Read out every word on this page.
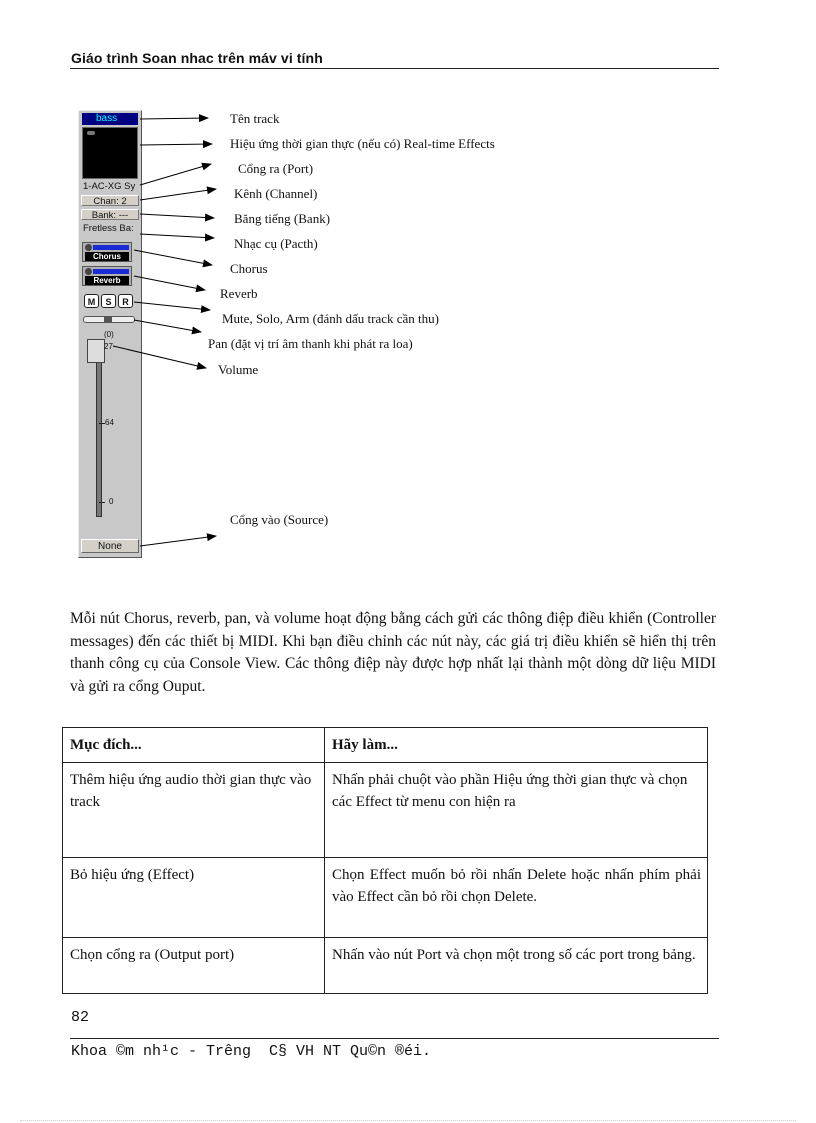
Giáo trình Soan nhac trên máv vi tính
bass
1-AC-XG Sy
Chan: 2
Bank: ---
Fretless Ba:
Chorus
Reverb
M	S	R
(0)
27
64
0
None
Tên track
Hiệu ứng thời gian thực (nếu có) Real-time Effects
Cổng ra (Port)
Kênh (Channel)
Băng tiếng (Bank)
Nhạc cụ (Pacth)
Chorus
Reverb
Mute, Solo, Arm (đánh dấu track cần thu)
Pan (đặt vị trí âm thanh khi phát ra loa)
Volume
Cổng vào (Source)
Mỗi nút Chorus, reverb, pan, và volume hoạt động bằng cách gửi các thông điệp điều khiển (Controller messages) đến các thiết bị MIDI. Khi bạn điều chỉnh các nút này, các giá trị điều khiển sẽ hiển thị trên thanh công cụ của Console View. Các thông điệp này được hợp nhất lại thành một dòng dữ liệu MIDI và gửi ra cổng Ouput.
Mục đích...	Hãy làm...
Thêm hiệu ứng audio thời gian thực vào track	Nhấn phải chuột vào phần Hiệu ứng thời gian thực và chọn các Effect từ menu con hiện ra
Bỏ hiệu ứng (Effect)	Chọn Effect muốn bỏ rồi nhấn Delete hoặc nhấn phím phải vào Effect cần bỏ rồi chọn Delete.
Chọn cổng ra (Output port)	Nhấn vào nút Port và chọn một trong số các port trong bảng.
82
Khoa ©m nh¹c - Trêng  C§ VH NT Qu©n ®éi.
